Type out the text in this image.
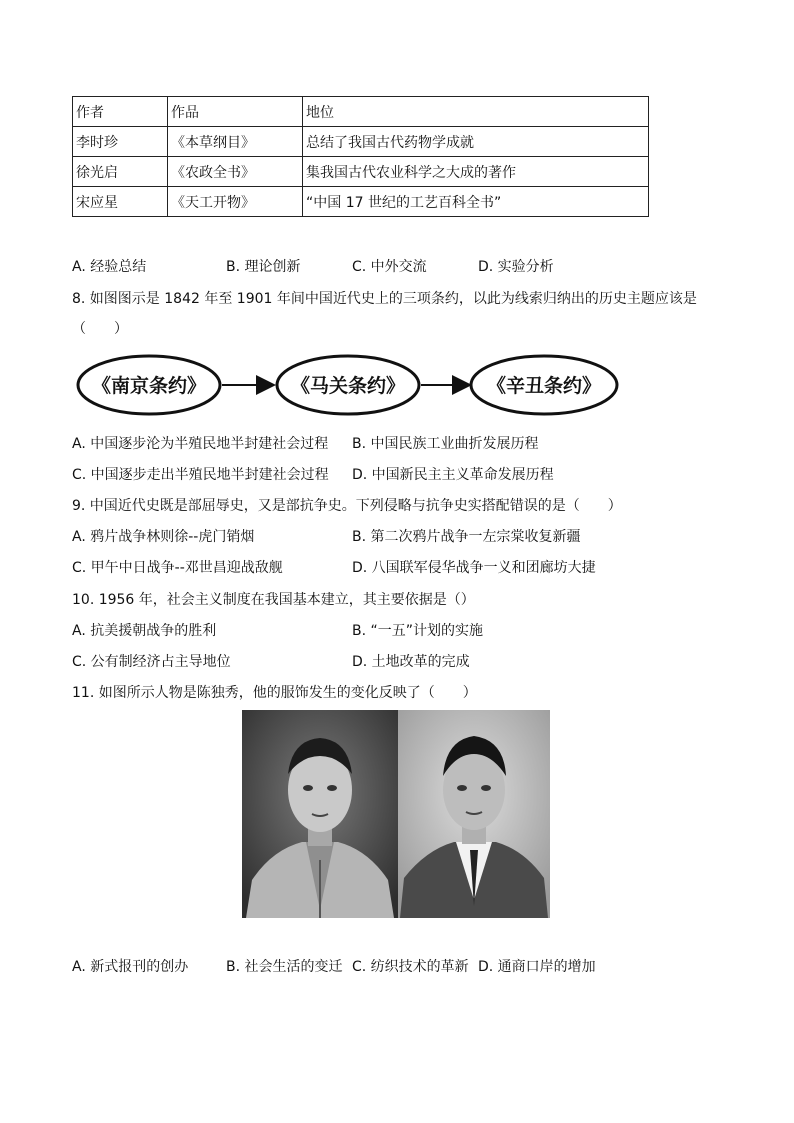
作者	作品	地位
李时珍	《本草纲目》	总结了我国古代药物学成就
徐光启	《农政全书》	集我国古代农业科学之大成的著作
宋应星	《天工开物》	“中国 17 世纪的工艺百科全书”
A. 经验总结	B. 理论创新	C. 中外交流	D. 实验分析
8. 如图图示是 1842 年至 1901 年间中国近代史上的三项条约，以此为线索归纳出的历史主题应该是
（　　）
《南京条约》	《马关条约》	《辛丑条约》
A. 中国逐步沦为半殖民地半封建社会过程 B. 中国民族工业曲折发展历程
C. 中国逐步走出半殖民地半封建社会过程 D. 中国新民主主义革命发展历程
9. 中国近代史既是部屈辱史，又是部抗争史。下列侵略与抗争史实搭配错误的是（　　）
A. 鸦片战争林则徐--虎门销烟	B. 第二次鸦片战争一左宗棠收复新疆
C. 甲午中日战争--邓世昌迎战敌舰	D. 八国联军侵华战争一义和团廊坊大捷
10. 1956 年，社会主义制度在我国基本建立，其主要依据是（）
A. 抗美援朝战争的胜利	B. “一五”计划的实施
C. 公有制经济占主导地位	D. 土地改革的完成
11. 如图所示人物是陈独秀，他的服饰发生的变化反映了（　　）
A. 新式报刊的创办	B. 社会生活的变迁 C. 纺织技术的革新 D. 通商口岸的增加
